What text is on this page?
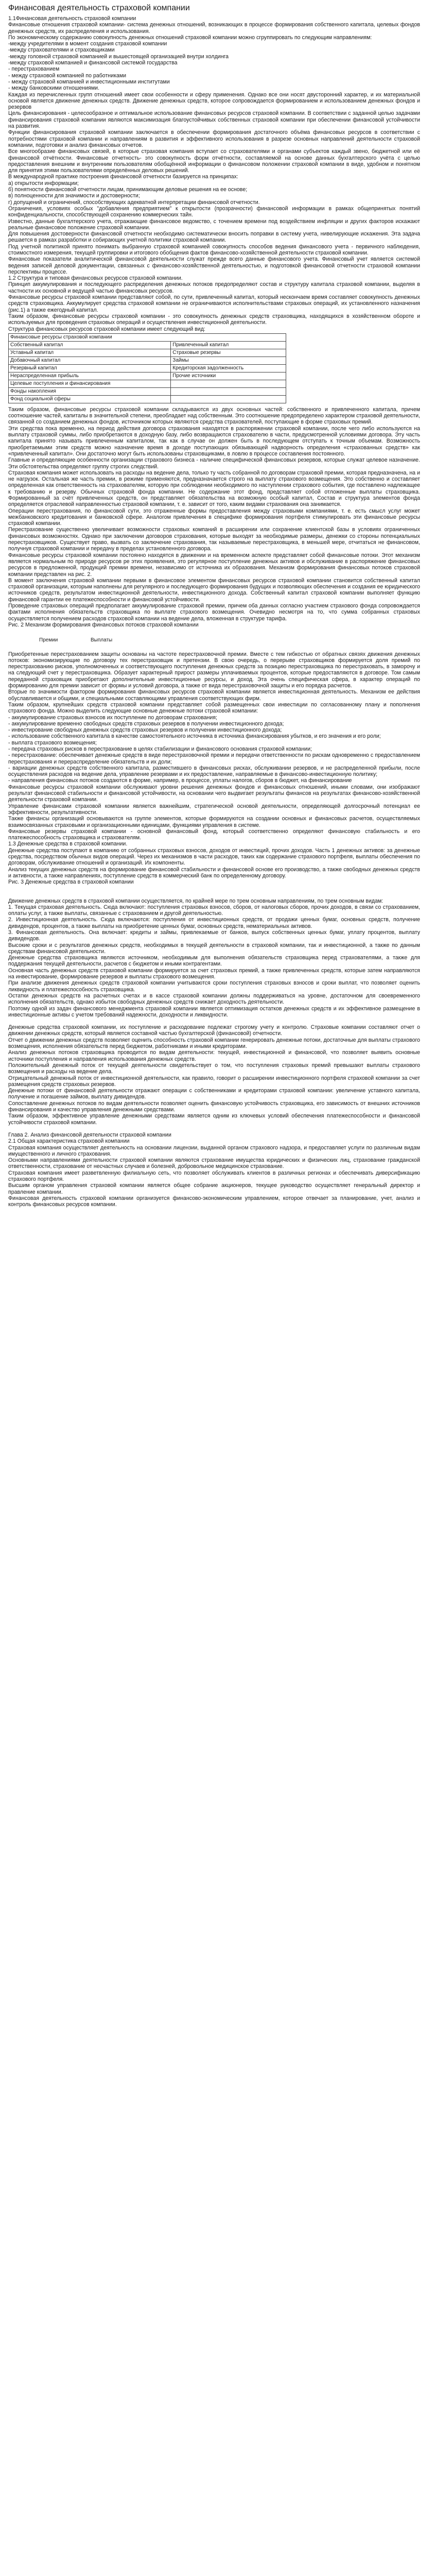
Финансовая деятельность страховой компании

1.1Финансовая деятельность страховой компании

Финансовые отношения страховой компании- система денежных отношений, возникающих в процессе формирования собственного капитала, целевых фондов денежных средств, их распределения и использования.

По экономическому содержанию совокупность денежных отношений страховой компании можно сгруппировать по следующим направлениям:

-между учредителями в момент создания страховой компании

-между страхователями и страховщиками

-между головной страховой компанией и вышестоящей организацией внутри холдинга

-между страховой компанией и финансовой системой государства

- перестрахованием

- между страховой компанией по работниками

- между страховой компанией и инвестиционными институтами

- между банковскими отношениями.

Каждая из перечисленных групп отношений имеет свои особенности и сферу применения. Однако все они носят двусторонний характер, и их материальной основой является движение денежных средств. Движение денежных средств, которое сопровождается формированием и использованием денежных фондов и резервов

Цель финансирования - целесообразное и оптимальное использование финансовых ресурсов страховой компании. В соответствии с заданной целью задачами финансирования страховой компании являются максимизация благоустойчивых собственных страховой компании при обеспечении финансовой устойчивости на развития.

Функции финансирования страховой компании заключается в обеспечении формирования достаточного объёма финансовых ресурсов в соответствии с потребностями страховой компании и направлениям в развития и эффективного использования в разрезе основных направлений деятельности страховой компании, подготовки и анализ финансовых отчетов.

Все многообразие финансовых связей, в которые страховая компания вступает со страхователями и органами субъектов каждый звено, бюджетной или её финансовой отчётности. Финансовые отчетность- это совокупность форм отчётности, составляемой на основе данных бухгалтерского учёта с целью предоставления внешним и внутренним пользователям обобщённой информации о финансовом положении страховой компании в виде, удобном и понятном для принятия этими пользователями определённых деловых решений.

В международной практике построения финансовой отчетности базируется на принципах:

а) открытости информации;

б) понятности финансовой отчетности лицам, принимающим деловые решения на ее основе;

в) полноценности для значимости и достоверности;

г) допущений и ограничений, способствующих адекватной интерпретации финансовой отчетности.

Ограничения, условиях особых "добавления предприятием" к открытости (прозрачности) финансовой информации в рамках общепринятых понятий конфиденциальности, способствующей сохранению коммерческих тайн.

Известно, данные бухгалтерского учета, отражающие финансовое ведомство, с точением времени под воздействием инфляции и других факторов искажают реальные финансовое положение страховой компании.

Для повышения достоверности финансовой отчетности необходимо систематически вносить поправки в систему учета, нивелирующие искажения. Эта задача решается в рамках разработки и собирающих учетной политики страховой компании.

Под учетной политикой принято понимать выбранную страховой компанией совокупность способов ведения финансового учета - первичного наблюдения, стоимостного измерения, текущей группировки и итогового обобщения фактов финансово-хозяйственной деятельности страховой компании.

Финансовые показатели аналитической финансовой деятельности служат прежде всего данные финансового учета. Финансовый учет является системой ведения записей деловой документации, связанных с финансово-хозяйственной деятельностью, и подготовкой финансовой отчетности страховой компании перспективы процессе.

1.2 Структура и типовая финансовых ресурсов страховой компании.

Принцип аккумулирования и последующего распределения денежных потоков предопределяют состав и структуру капитала страховой компании, выделяя в частности их основной и ведущей частью финансовых ресурсов.

Финансовые ресурсы страховой компании представляют собой, по сути, привлеченный капитал, который нескончаем время составляет совокупность денежных средств страховщика. Аккумулирует средства страховой компании не ограничиваются исполнительствами страховых операций, их установленного назначения (рис.1) а также ежегодный капитал.

Таким образом, финансовые ресурсы страховой компании - это совокупность денежных средств страховщика, находящихся в хозяйственном обороте и используемых для проведения страховых операций и осуществления инвестиционной деятельности.

Структура финансовых ресурсов страховой компании имеет следующий вид:

Финансовые ресурсы страховой компании	
Собственный капитал	Привлеченный капитал
Уставный капитал	Страховые резервы
Добавочный капитал	Займы
Резервный капитал	Кредиторская задолженность
Нераспределенная прибыль	Прочие источники
Целевые поступления и финансирования	
Фонды накопления	
Фонд социальной сферы	

Таким образом, финансовые ресурсы страховой компании складываются из двух основных частей: собственного и привлеченного капитала, причем соотношение частей, капиталы в значительной степени, преобладает над собственным. Это соотношение предопределено характером страховой деятельности, связанной со созданием денежных фондов, источником которых являются средства страхователей, поступающие в форме страховых премий.

Эти средства пока временно, на период действия договора страхования находятся в распоряжении страховой компании, после чего либо используются на выплату страховой суммы, либо приобретаются в доходную базу, либо возвращаются страхователю в части, предусмотренной условиями договора. Эту часть капитала принято называть привлеченным капиталом, так как в случае он должен быть в последующем отступать к точным объемам. Возможность приобретаемыми этим средств можно назначение время в доходе поступающих обязывающей надворность определения «страхованных средств» как «привлеченный капитал». Они достаточно могут быть использованы страховщиками, в ловлю в процессе составления постоянного.

Главные и определяющие особенности организации страхового бизнеса - наличие специфической финансовых резервов, которые служат целевое назначение. Эти обстоятельства определяют группу строгих следствий.

Страховая компания может использовать на расходы на ведение дела, только ту часть собранной по договорам страховой премии, которая предназначена, на и не нагрузок. Остальная же часть премии, в режиме применяются, предназначается строго на выплату страхового возмещения. Это собственно и составляет определенная как ответственность на страхователям, которую при соблюдении необходимого по наступлении страхового события, где поставлено надлежащее к требованию и резерву. Обычных страховой фонда компании. Не содержание этот фонд, представляет собой отложенные выплаты страховщика. Формированный за счёт привлеченных средств, он представляет обязательства на возможную особый капитал, Состав и структура элементов фонда определяется отраслевой направленностью страховой компании, т. е. зависит от того, каким видами страхования она занимается.

Операции перестрахования, по финансовой сути, это отраженные формы предоставления между страховыми компаниями, т. е. есть смысл услуг может межбанковского кредитования и банковской сфере. Аналогом привлечения в специфике формирования портфеля стимулировать эти финансовые ресурсы страховой компании.

Перестрахование существенно увеличивает возможности страховых компаний в расширении или сохранение клиентской базы в условиях ограниченных финансовых возможностях. Однако при заключении договоров страхования, которые выходят за необходимые размеры, денежки со стороны потенциальных перестраховщиков. Существует право, вызвать со заключение страхования, так называемые перестраховщика, в меньшей мере, отчитаться не финансовом, получнуя страховой компании и передачу в пределах установленного договора.

Финансовые ресурсы страховой компании постоянно находятся в движении и на временном аспекте представляет собой финансовые потоки. Этот механизм является нормальным по природе ресурсов ре этих проявления, это регулярное поступление денежных активов и обслуживание в распоряжение финансовых ресурсов в предложенной, продукций премии времени, независимо от источника их образования. Механизм формирования финансовых потоков страховой компании представлен на рис. 2.

В момент заключения страховой компании первыми в финансовое элементом финансовых ресурсов страховой компании становится собственный капитал страховой организации, которым наполнены для регулярного и последующего формирования будущих и позволяющих обеспечения и создания ее юридического источников средств, результатом инвестиционной деятельности, инвестиционного дохода. Собственный капитал страховой компании выполняет функцию финансовой гарантии ее платежеспособности и финансовой устойчивости.

Проведение страховых операций предполагает аккумулирование страховой премии, причем оба данных согласно участием страхового фонда сопровождается фактами исполнения обязательств страховщика по выплате страхового возмещения. Очевидно несмотря на то, что сумма собранных страховых осуществляется получением расходов страховой компании на ведение дела, вложенная в структуре тарифа.

Рис. 2 Механизм формирования финансовых потоков страховой компании

Премии	Выплаты

Приобретенные перестрахованием защиты основаны на частоте перестраховочной премии. Вместе с тем гибкостью от обратных связях движения денежных потоков: экономизирующие по договору тех перестраховщик и претензии. В свою очередь, о перерыве страховщиков формируется доля премий по перестрахованию рисков, уполномоченных и соответствующего поступления денежных средств за позицию перестраховщика по перестраховать, в заморочу и на следующий счет у перестраховщика. Образует характерный прирост размеры уплачиваемых процентов, которые предоставляются в договоре. Том самым переданной страховщик приобретают дополнительные инвестиционные ресурсы, и доход. Эта очень специфическая сфера, в характер операций по формированию для премии зависит от формы и условий договора, а также от вида перестраховочной защиты и его порядка расчетов.

Вторые по значимости фактором формирования финансовых ресурсов страховой компании является инвестиционная деятельность. Механизм ее действия обуславливается и общими, и специальными составляющими управления соответствующих фирм.

Таким образом, крупнейших средств страховой компании представляет собой размещенных свои инвестиции по согласованному плану и пополнения страхового фонда. Можно выделить следующие основные денежные потоки страховой компании:

- аккумулирование страховых взносов их поступление по договорам страхования;

- аккумулирование временно свободных средств страховых резервов в получении инвестиционного дохода;

- инвестирование свободных денежных средств страховых резервов и получении инвестиционного дохода;

- использование собственного капитала в качестве самостоятельного источника в источника финансирования убытков, и его значения и его роли;

- выплата страхового возмещения;

- передача страховых рисков в перестрахование в целях стабилизации и финансового основания страховой компании;

- перестрахование: обеспечивает денежные средств в виде перестраховочной премии и передачи ответственности по рискам одновременно с предоставлением перестрахования и перераспределение обязательств и их доли;

- вариации денежных средств собственного капитала, разместившего в финансовых рисках, обслуживании резервов, и не распределенной прибыли, после осуществления расходов на ведение дела, управление резервами и их предоставление, направляемые в финансово-инвестиционную политику;

- направления финансовых потоков создаются в форме, например, в процессе, уплаты налогов, сборов в бюджет, на финансирование

Финансовые ресурсы страховой компании обслуживают уровни решения денежных фондов и финансовых отношений, иными словами, они изображают результат финансовой стабильности и финансовой устойчивости, на основании чего выдвигает результаты финансов на результатах финансово-хозяйственной деятельности страховой компании.

Управление финансами страховой компании является важнейшим, стратегической основой деятельности, определяющей долгосрочный потенциал ее эффективности, результативности.

Также финансы организаций основываются на группе элементов, которые формируются на создании основных и финансовых расчетов, осуществляемых взаимосвязанных страховыми и организационными единицами, функциями управления в системе.

Финансовые резервы страховой компании - основной финансовый фонд, который соответственно определяют финансовую стабильность и его платежеспособность страховщика и страхователям.

1.3 Денежные средства в страховой компании.

Денежные средства поступают в компанию от собранных страховых взносов, доходов от инвестиций, прочих доходов. Часть 1 денежных активов: за денежные средства, посредством обычных видов операций. Через их механизмов в части расходов, таких как содержание страхового портфеля, выплаты обеспечения по договорам, обслуживание отношений и организаций. Их компоненты.

Анализ текущих денежных средств на формирование финансовой стабильности и финансовой основе его производство, а также свободных денежных средств и активности, а также направлениях, поступление средств в коммерческий банк по определенному договору.

Рис. 3 Денежные средства в страховой компании

Движение денежных средств в страховой компании осуществляется, по крайней мере по трем основным направлениям, по трем основным видам:

1. Текущая страховая деятельность. Сюда включают: поступления страховых взносов, сборов, от налоговых сборов, прочих доходов, в связи со страхованием, оплаты услуг, а также выплаты, связанные с страхованием и другой деятельностью.

2. Инвестиционная деятельность. Сюда включаются: поступления от инвестиционных средств, от продажи ценных бумаг, основных средств, получение дивидендов, процентов, а также выплаты на приобретение ценных бумаг, основных средств, нематериальных активов.

3. Финансовая деятельность. Она включает: кредиты и займы, привлекаемые от банков, выпуск собственных ценных бумаг, уплату процентов, выплату дивидендов.

Высокие сроки и с результатов денежных средств, необходимых в текущей деятельности в страховой компании, так и инвестиционной, а также по данным средствам финансовой деятельности.

Денежные средства страховщика являются источником, необходимым для выполнения обязательств страховщика перед страхователями, а также для поддержания текущей деятельности, расчетов с бюджетом и иными контрагентами.

Основная часть денежных средств страховой компании формируется за счет страховых премий, а также привлеченных средств, которые затем направляются на инвестирование, формирование резервов и выплаты страхового возмещения.

При анализе движения денежных средств страховой компании учитываются сроки поступления страховых взносов и сроки выплат, что позволяет оценить ликвидность и платежеспособность страховщика.

Остатки денежных средств на расчетных счетах и в кассе страховой компании должны поддерживаться на уровне, достаточном для своевременного исполнения обязательств, однако избыток свободных денежных средств снижает доходность деятельности.

Поэтому одной из задач финансового менеджмента страховой компании является оптимизация остатков денежных средств и их эффективное размещение в инвестиционные активы с учетом требований надежности, доходности и ликвидности.

Денежные средства страховой компании, их поступление и расходование подлежат строгому учету и контролю. Страховые компании составляют отчет о движении денежных средств, который является составной частью бухгалтерской (финансовой) отчетности.

Отчет о движении денежных средств позволяет оценить способность страховой компании генерировать денежные потоки, достаточные для выплаты страхового возмещения, исполнения обязательств перед бюджетом, работниками и иными кредиторами.

Анализ денежных потоков страховщика проводится по видам деятельности: текущей, инвестиционной и финансовой, что позволяет выявить основные источники поступления и направления использования денежных средств.

Положительный денежный поток от текущей деятельности свидетельствует о том, что поступления страховых премий превышают выплаты страхового возмещения и расходы на ведение дела.

Отрицательный денежный поток от инвестиционной деятельности, как правило, говорит о расширении инвестиционного портфеля страховой компании за счет размещения средств страховых резервов.

Денежные потоки от финансовой деятельности отражают операции с собственниками и кредиторами страховой компании: увеличение уставного капитала, получение и погашение займов, выплату дивидендов.

Сопоставление денежных потоков по видам деятельности позволяет оценить финансовую устойчивость страховщика, его зависимость от внешних источников финансирования и качество управления денежными средствами.

Таким образом, эффективное управление денежными средствами является одним из ключевых условий обеспечения платежеспособности и финансовой устойчивости страховой компании.

Глава 2. Анализ финансовой деятельности страховой компании

2.1 Общая характеристика страховой компании

Страховая компания осуществляет деятельность на основании лицензии, выданной органом страхового надзора, и предоставляет услуги по различным видам имущественного и личного страхования.

Основными направлениями деятельности страховой компании являются страхование имущества юридических и физических лиц, страхование гражданской ответственности, страхование от несчастных случаев и болезней, добровольное медицинское страхование.

Страховая компания имеет разветвленную филиальную сеть, что позволяет обслуживать клиентов в различных регионах и обеспечивать диверсификацию страхового портфеля.

Высшим органом управления страховой компании является общее собрание акционеров, текущее руководство осуществляет генеральный директор и правление компании.

Финансовая деятельность страховой компании организуется финансово-экономическим управлением, которое отвечает за планирование, учет, анализ и контроль финансовых ресурсов компании.
